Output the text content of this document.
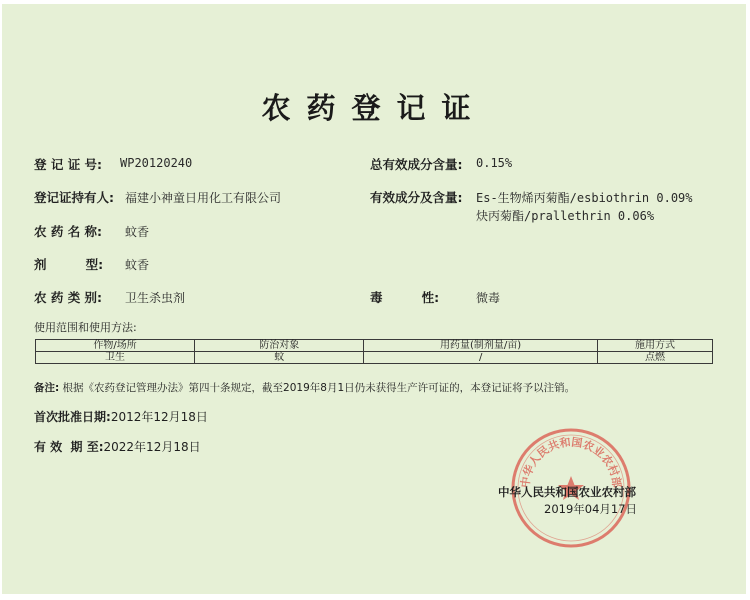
农药登记证
登 记 证 号: WP20120240
登记证持有人: 福建小神童日用化工有限公司
农 药 名 称: 蚊香
剂         型: 蚊香
农 药 类 别: 卫生杀虫剂
总有效成分含量: 0.15%
有效成分及含量: Es-生物烯丙菊酯/esbiothrin 0.09%
炔丙菊酯/prallethrin 0.06%
毒         性:	微毒
使用范围和使用方法:
作物/场所	防治对象	用药量(制剂量/亩)	施用方式
卫生	蚊	/	点燃
备注: 根据《农药登记管理办法》第四十条规定，截至2019年8月1日仍未获得生产许可证的，本登记证将予以注销。
首次批准日期:2012年12月18日
有 效  期 至:2022年12月18日
中华人民共和国农业农村部
中华人民共和国农业农村部
2019年04月17日
